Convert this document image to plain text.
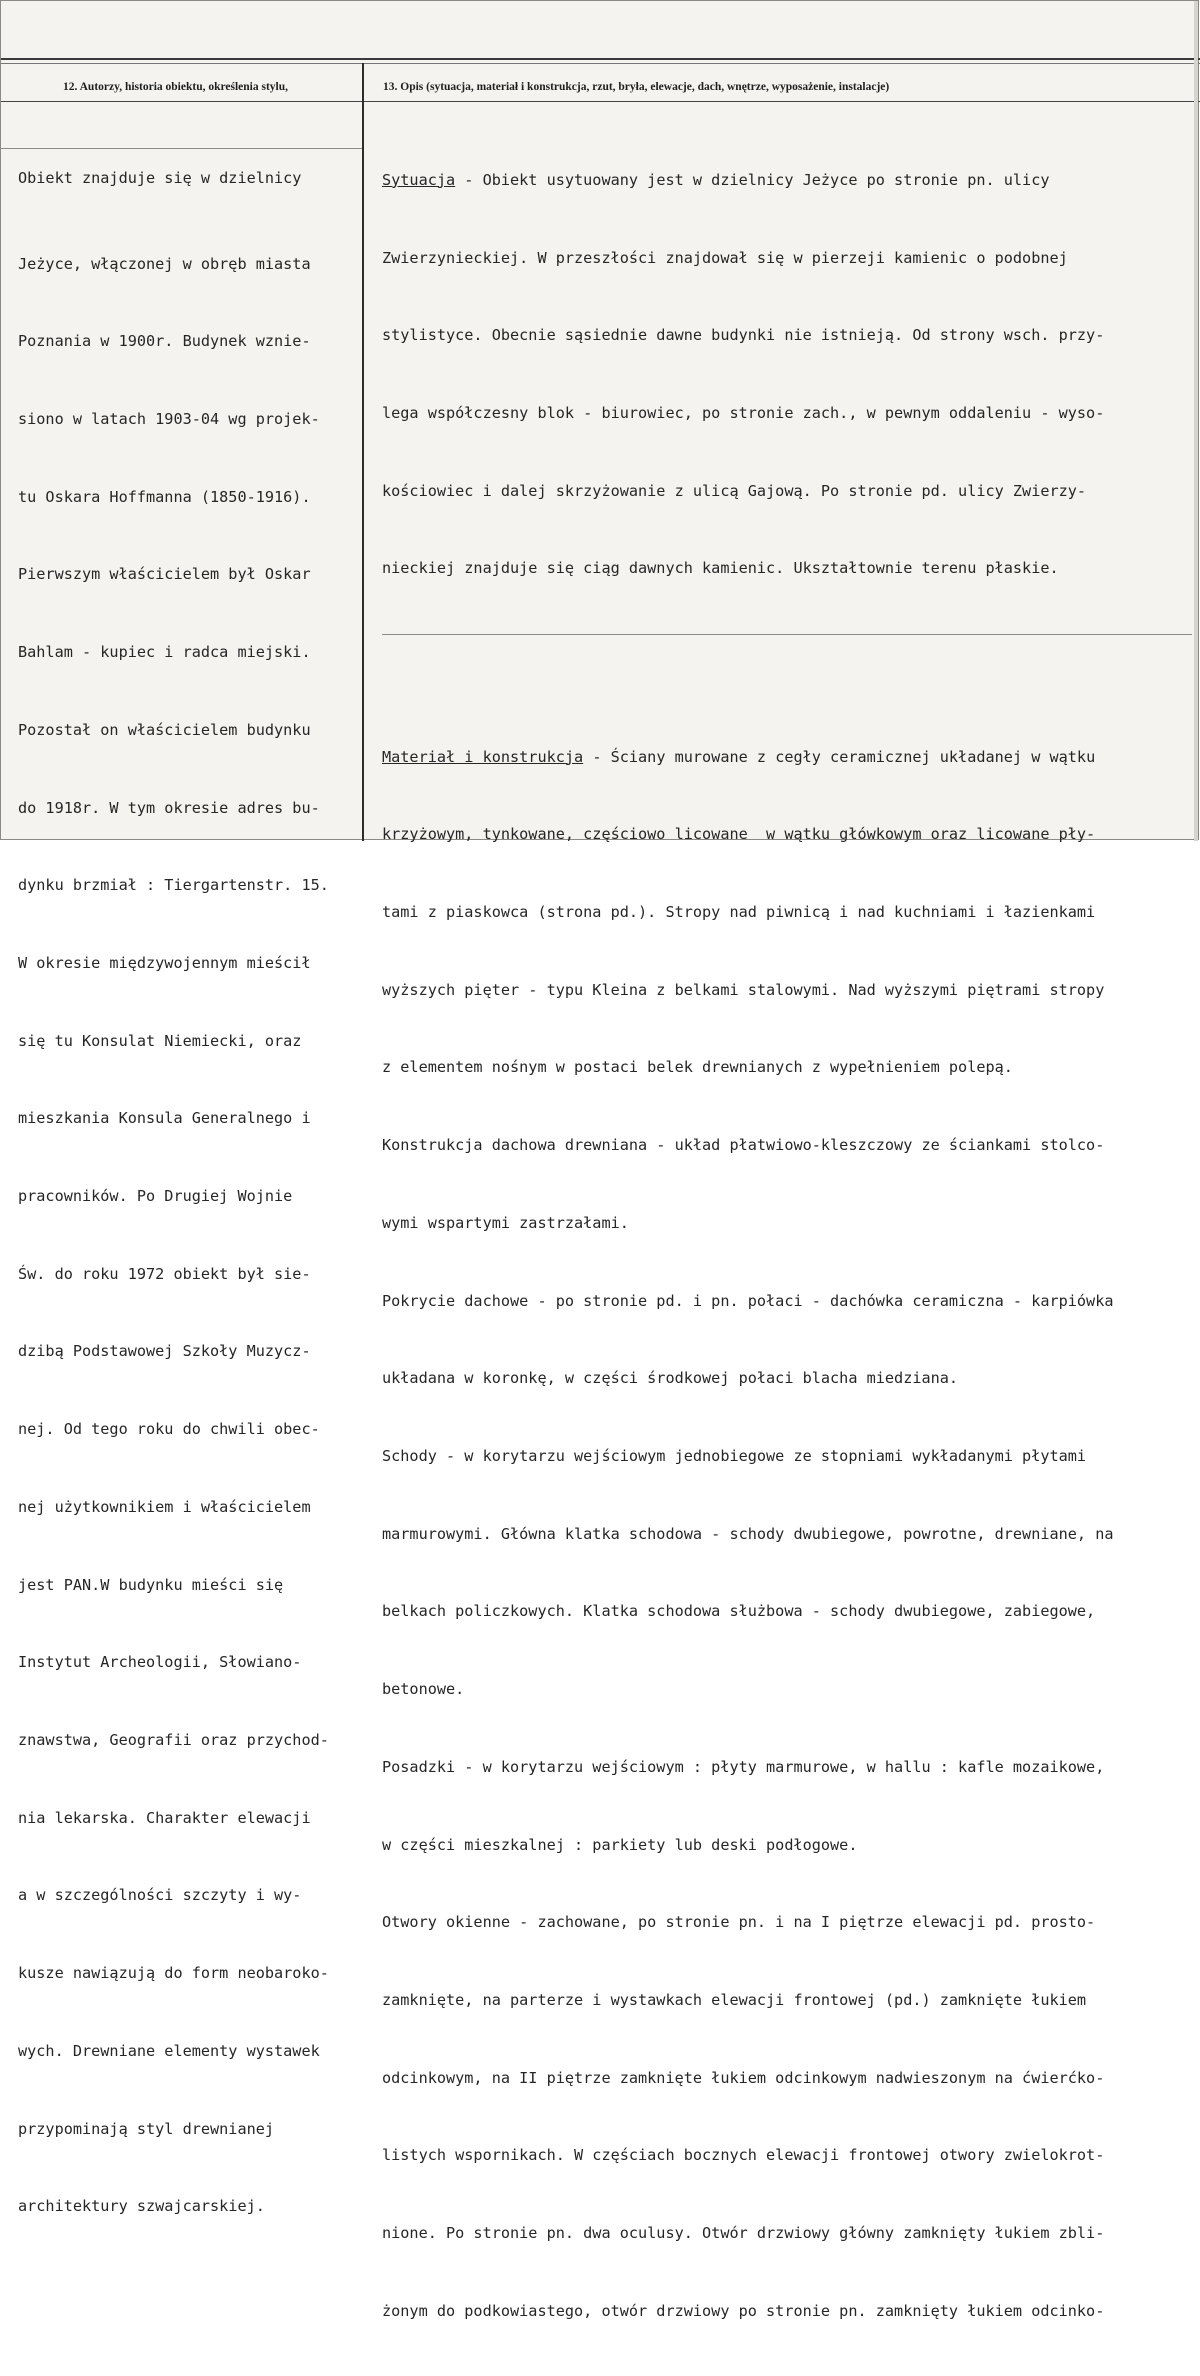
12. Autorzy, historia obiektu, określenia stylu,	13. Opis (sytuacja, materiał i konstrukcja, rzut, bryła, elewacje, dach, wnętrze, wyposażenie, instalacje)

Obiekt znajduje się w dzielnicy

Jeżyce, włączonej w obręb miasta

Poznania w 1900r. Budynek wznie-

siono w latach 1903-04 wg projek-

tu Oskara Hoffmanna (1850-1916).

Pierwszym właścicielem był Oskar

Bahlam - kupiec i radca miejski.

Pozostał on właścicielem budynku

do 1918r. W tym okresie adres bu-

dynku brzmiał : Tiergartenstr. 15.

W okresie międzywojennym mieścił

się tu Konsulat Niemiecki, oraz

mieszkania Konsula Generalnego i

pracowników. Po Drugiej Wojnie

Św. do roku 1972 obiekt był sie-

dzibą Podstawowej Szkoły Muzycz-

nej. Od tego roku do chwili obec-

nej użytkownikiem i właścicielem

jest PAN.W budynku mieści się

Instytut Archeologii, Słowiano-

znawstwa, Geografii oraz przychod-

nia lekarska. Charakter elewacji

a w szczególności szczyty i wy-

kusze nawiązują do form neobaroko-

wych. Drewniane elementy wystawek

przypominają styl drewnianej

architektury szwajcarskiej.

Sytuacja - Obiekt usytuowany jest w dzielnicy Jeżyce po stronie pn. ulicy

Zwierzynieckiej. W przeszłości znajdował się w pierzeji kamienic o podobnej

stylistyce. Obecnie sąsiednie dawne budynki nie istnieją. Od strony wsch. przy-

lega współczesny blok - biurowiec, po stronie zach., w pewnym oddaleniu - wyso-

kościowiec i dalej skrzyżowanie z ulicą Gajową. Po stronie pd. ulicy Zwierzy-

nieckiej znajduje się ciąg dawnych kamienic. Ukształtownie terenu płaskie.

Materiał i konstrukcja - Ściany murowane z cegły ceramicznej układanej w wątku

krzyżowym, tynkowane, częściowo licowane  w wątku główkowym oraz licowane pły-

tami z piaskowca (strona pd.). Stropy nad piwnicą i nad kuchniami i łazienkami

wyższych pięter - typu Kleina z belkami stalowymi. Nad wyższymi piętrami stropy

z elementem nośnym w postaci belek drewnianych z wypełnieniem polepą.

Konstrukcja dachowa drewniana - układ płatwiowo-kleszczowy ze ściankami stolco-

wymi wspartymi zastrzałami.

Pokrycie dachowe - po stronie pd. i pn. połaci - dachówka ceramiczna - karpiówka

układana w koronkę, w części środkowej połaci blacha miedziana.

Schody - w korytarzu wejściowym jednobiegowe ze stopniami wykładanymi płytami

marmurowymi. Główna klatka schodowa - schody dwubiegowe, powrotne, drewniane, na

belkach policzkowych. Klatka schodowa służbowa - schody dwubiegowe, zabiegowe,

betonowe.

Posadzki - w korytarzu wejściowym : płyty marmurowe, w hallu : kafle mozaikowe,

w części mieszkalnej : parkiety lub deski podłogowe.

Otwory okienne - zachowane, po stronie pn. i na I piętrze elewacji pd. prosto-

zamknięte, na parterze i wystawkach elewacji frontowej (pd.) zamknięte łukiem

odcinkowym, na II piętrze zamknięte łukiem odcinkowym nadwieszonym na ćwierćko-

listych wspornikach. W częściach bocznych elewacji frontowej otwory zwielokrot-

nione. Po stronie pn. dwa oculusy. Otwór drzwiowy główny zamknięty łukiem zbli-

żonym do podkowiastego, otwór drzwiowy po stronie pn. zamknięty łukiem odcinko-
